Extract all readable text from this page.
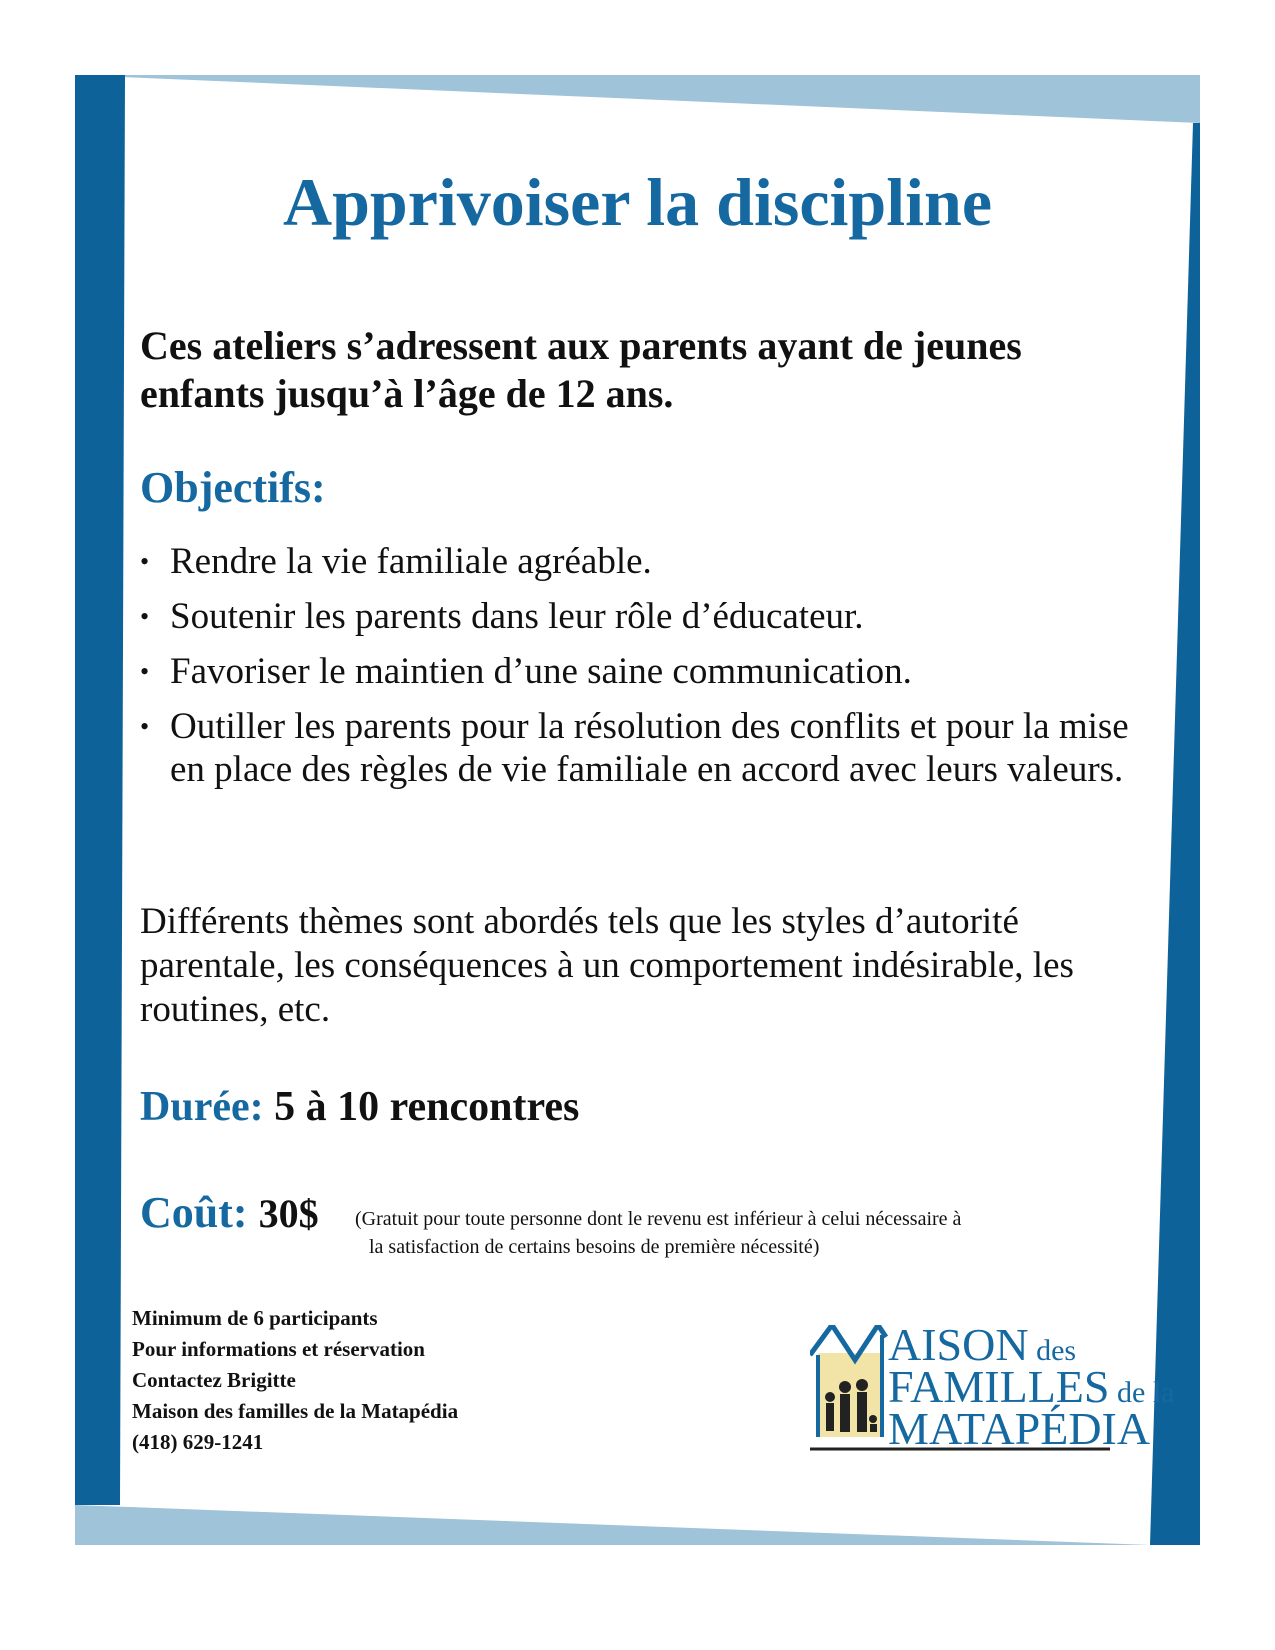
Apprivoiser la discipline

Ces ateliers s’adressent aux parents ayant de jeunes enfants jusqu’à l’âge de 12 ans.

Objectifs:
• Rendre la vie familiale agréable.
• Soutenir les parents dans leur rôle d’éducateur.
• Favoriser le maintien d’une saine communication.
• Outiller les parents pour la résolution des conflits et pour la mise en place des règles de vie familiale en accord avec leurs valeurs.

Différents thèmes sont abordés tels que les styles d’autorité parentale, les conséquences à un comportement indésirable, les routines, etc.

Durée: 5 à 10 rencontres

Coût: 30$ (Gratuit pour toute personne dont le revenu est inférieur à celui nécessaire à
la satisfaction de certains besoins de première nécessité)

Minimum de 6 participants
Pour informations et réservation
Contactez Brigitte
Maison des familles de la Matapédia
(418) 629-1241
AISON des
FAMILLES de la
MATAPÉDIA
